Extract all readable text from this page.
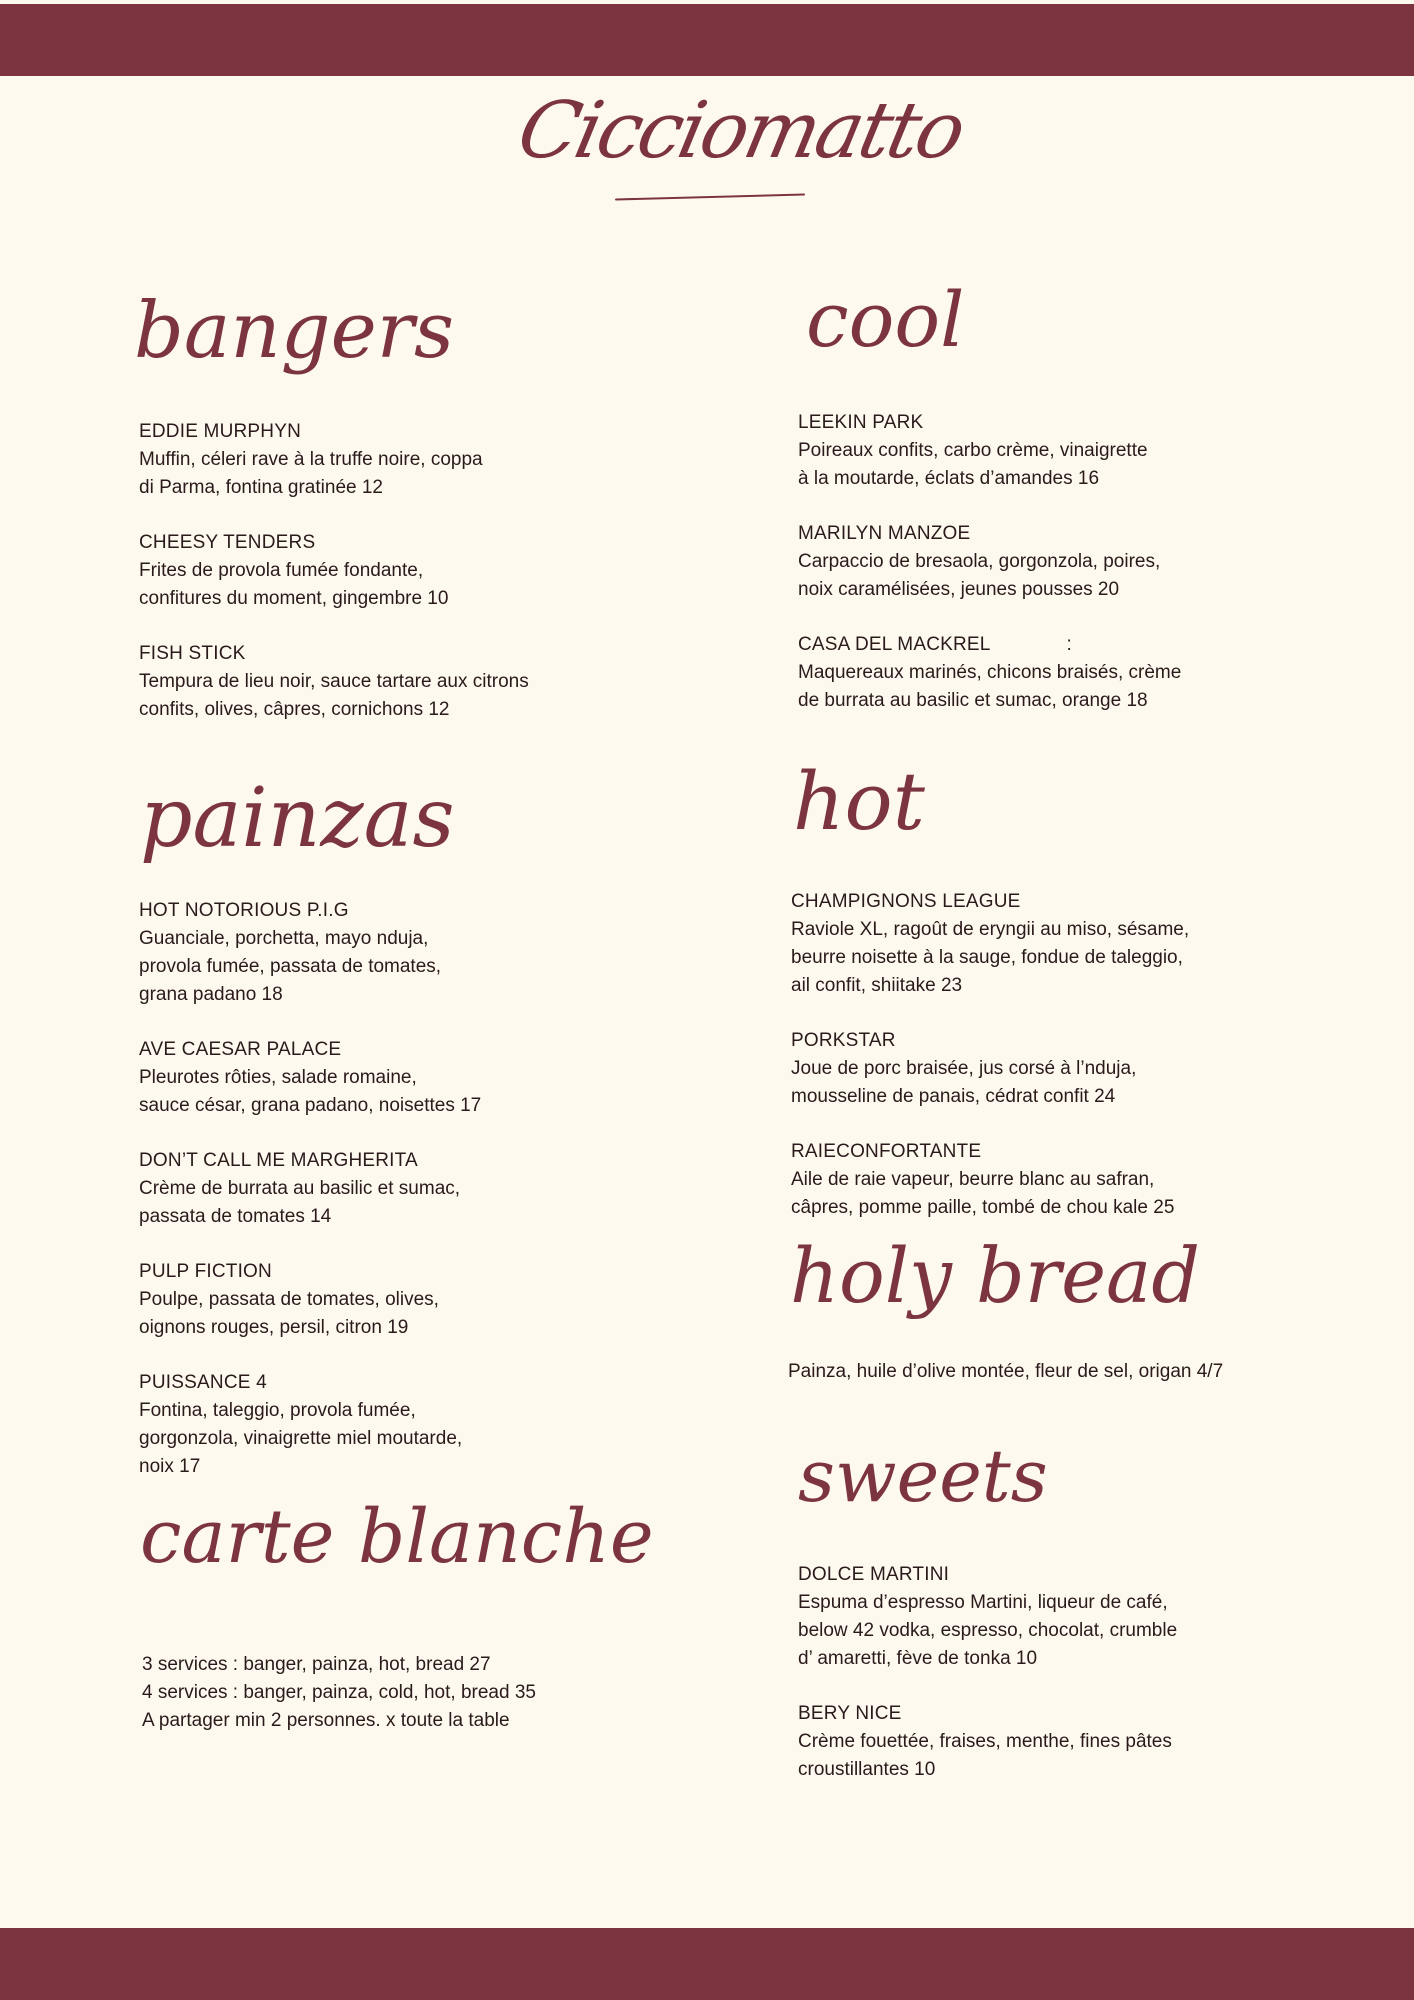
Cicciomatto
bangers
EDDIE MURPHYN
Muffin, céleri rave à la truffe noire, coppa
di Parma, fontina gratinée 12
CHEESY TENDERS
Frites de provola fumée fondante,
confitures du moment, gingembre 10
FISH STICK
Tempura de lieu noir, sauce tartare aux citrons
confits, olives, câpres, cornichons 12
painzas
HOT NOTORIOUS P.I.G
Guanciale, porchetta, mayo nduja,
provola fumée, passata de tomates,
grana padano 18
AVE CAESAR PALACE
Pleurotes rôties, salade romaine,
sauce césar, grana padano, noisettes 17
DON’T CALL ME MARGHERITA
Crème de burrata au basilic et sumac,
passata de tomates 14
PULP FICTION
Poulpe, passata de tomates, olives,
oignons rouges, persil, citron 19
PUISSANCE 4
Fontina, taleggio, provola fumée,
gorgonzola, vinaigrette miel moutarde,
noix 17
carte blanche
3 services : banger, painza, hot, bread 27
4 services : banger, painza, cold, hot, bread 35
A partager min 2 personnes. x toute la table
cool
LEEKIN PARK
Poireaux confits, carbo crème, vinaigrette
à la moutarde, éclats d’amandes 16
MARILYN MANZOE
Carpaccio de bresaola, gorgonzola, poires,
noix caramélisées, jeunes pousses 20
CASA DEL MACKREL              :
Maquereaux marinés, chicons braisés, crème
de burrata au basilic et sumac, orange 18
hot
CHAMPIGNONS LEAGUE
Raviole XL, ragoût de eryngii au miso, sésame,
beurre noisette à la sauge, fondue de taleggio,
ail confit, shiitake 23
PORKSTAR
Joue de porc braisée, jus corsé à l’nduja,
mousseline de panais, cédrat confit 24
RAIECONFORTANTE
Aile de raie vapeur, beurre blanc au safran,
câpres, pomme paille, tombé de chou kale 25
holy bread
Painza, huile d’olive montée, fleur de sel, origan 4/7
sweets
DOLCE MARTINI
Espuma d’espresso Martini, liqueur de café,
below 42 vodka, espresso, chocolat, crumble
d’ amaretti, fève de tonka 10
BERY NICE
Crème fouettée, fraises, menthe, fines pâtes
croustillantes 10
